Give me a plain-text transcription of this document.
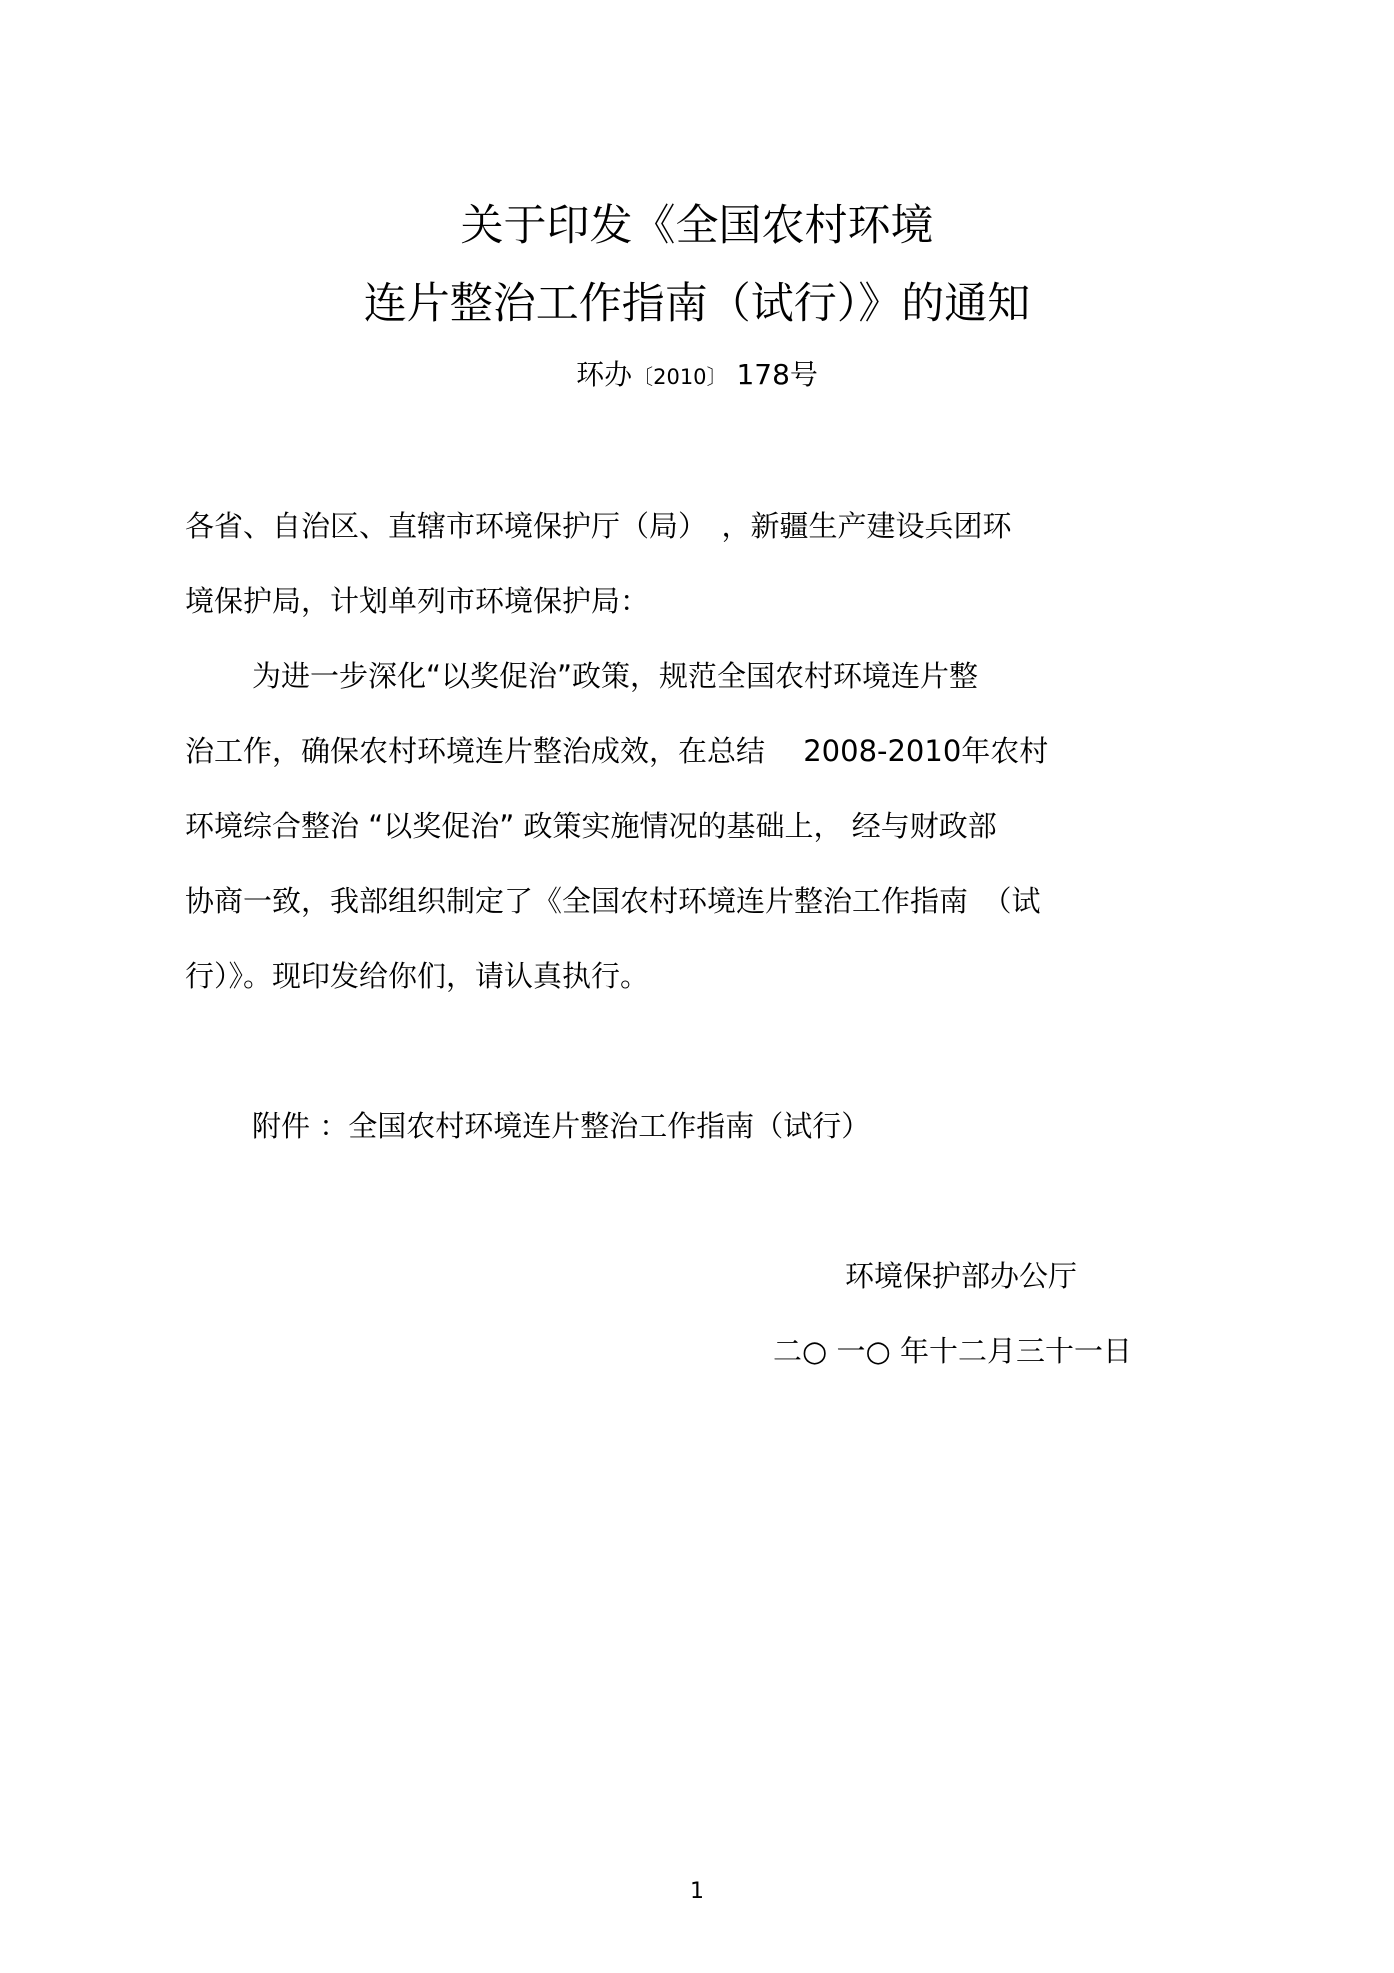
关于印发《全国农村环境
连片整治工作指南（试行）》的通知
环办〔2010〕 178号
各省、自治区、直辖市环境保护厅（局）　，新疆生产建设兵团环
境保护局，计划单列市环境保护局：
为进一步深化“以奖促治”政策，规范全国农村环境连片整
治工作，确保农村环境连片整治成效，在总结　 2008-2010年农村
环境综合整治 “以奖促治” 政策实施情况的基础上， 经与财政部
协商一致，我部组织制定了《全国农村环境连片整治工作指南　（试
行）》。现印发给你们，请认真执行。
附件 ：全国农村环境连片整治工作指南（试行）
环境保护部办公厅
二○ 一○ 年十二月三十一日
1
